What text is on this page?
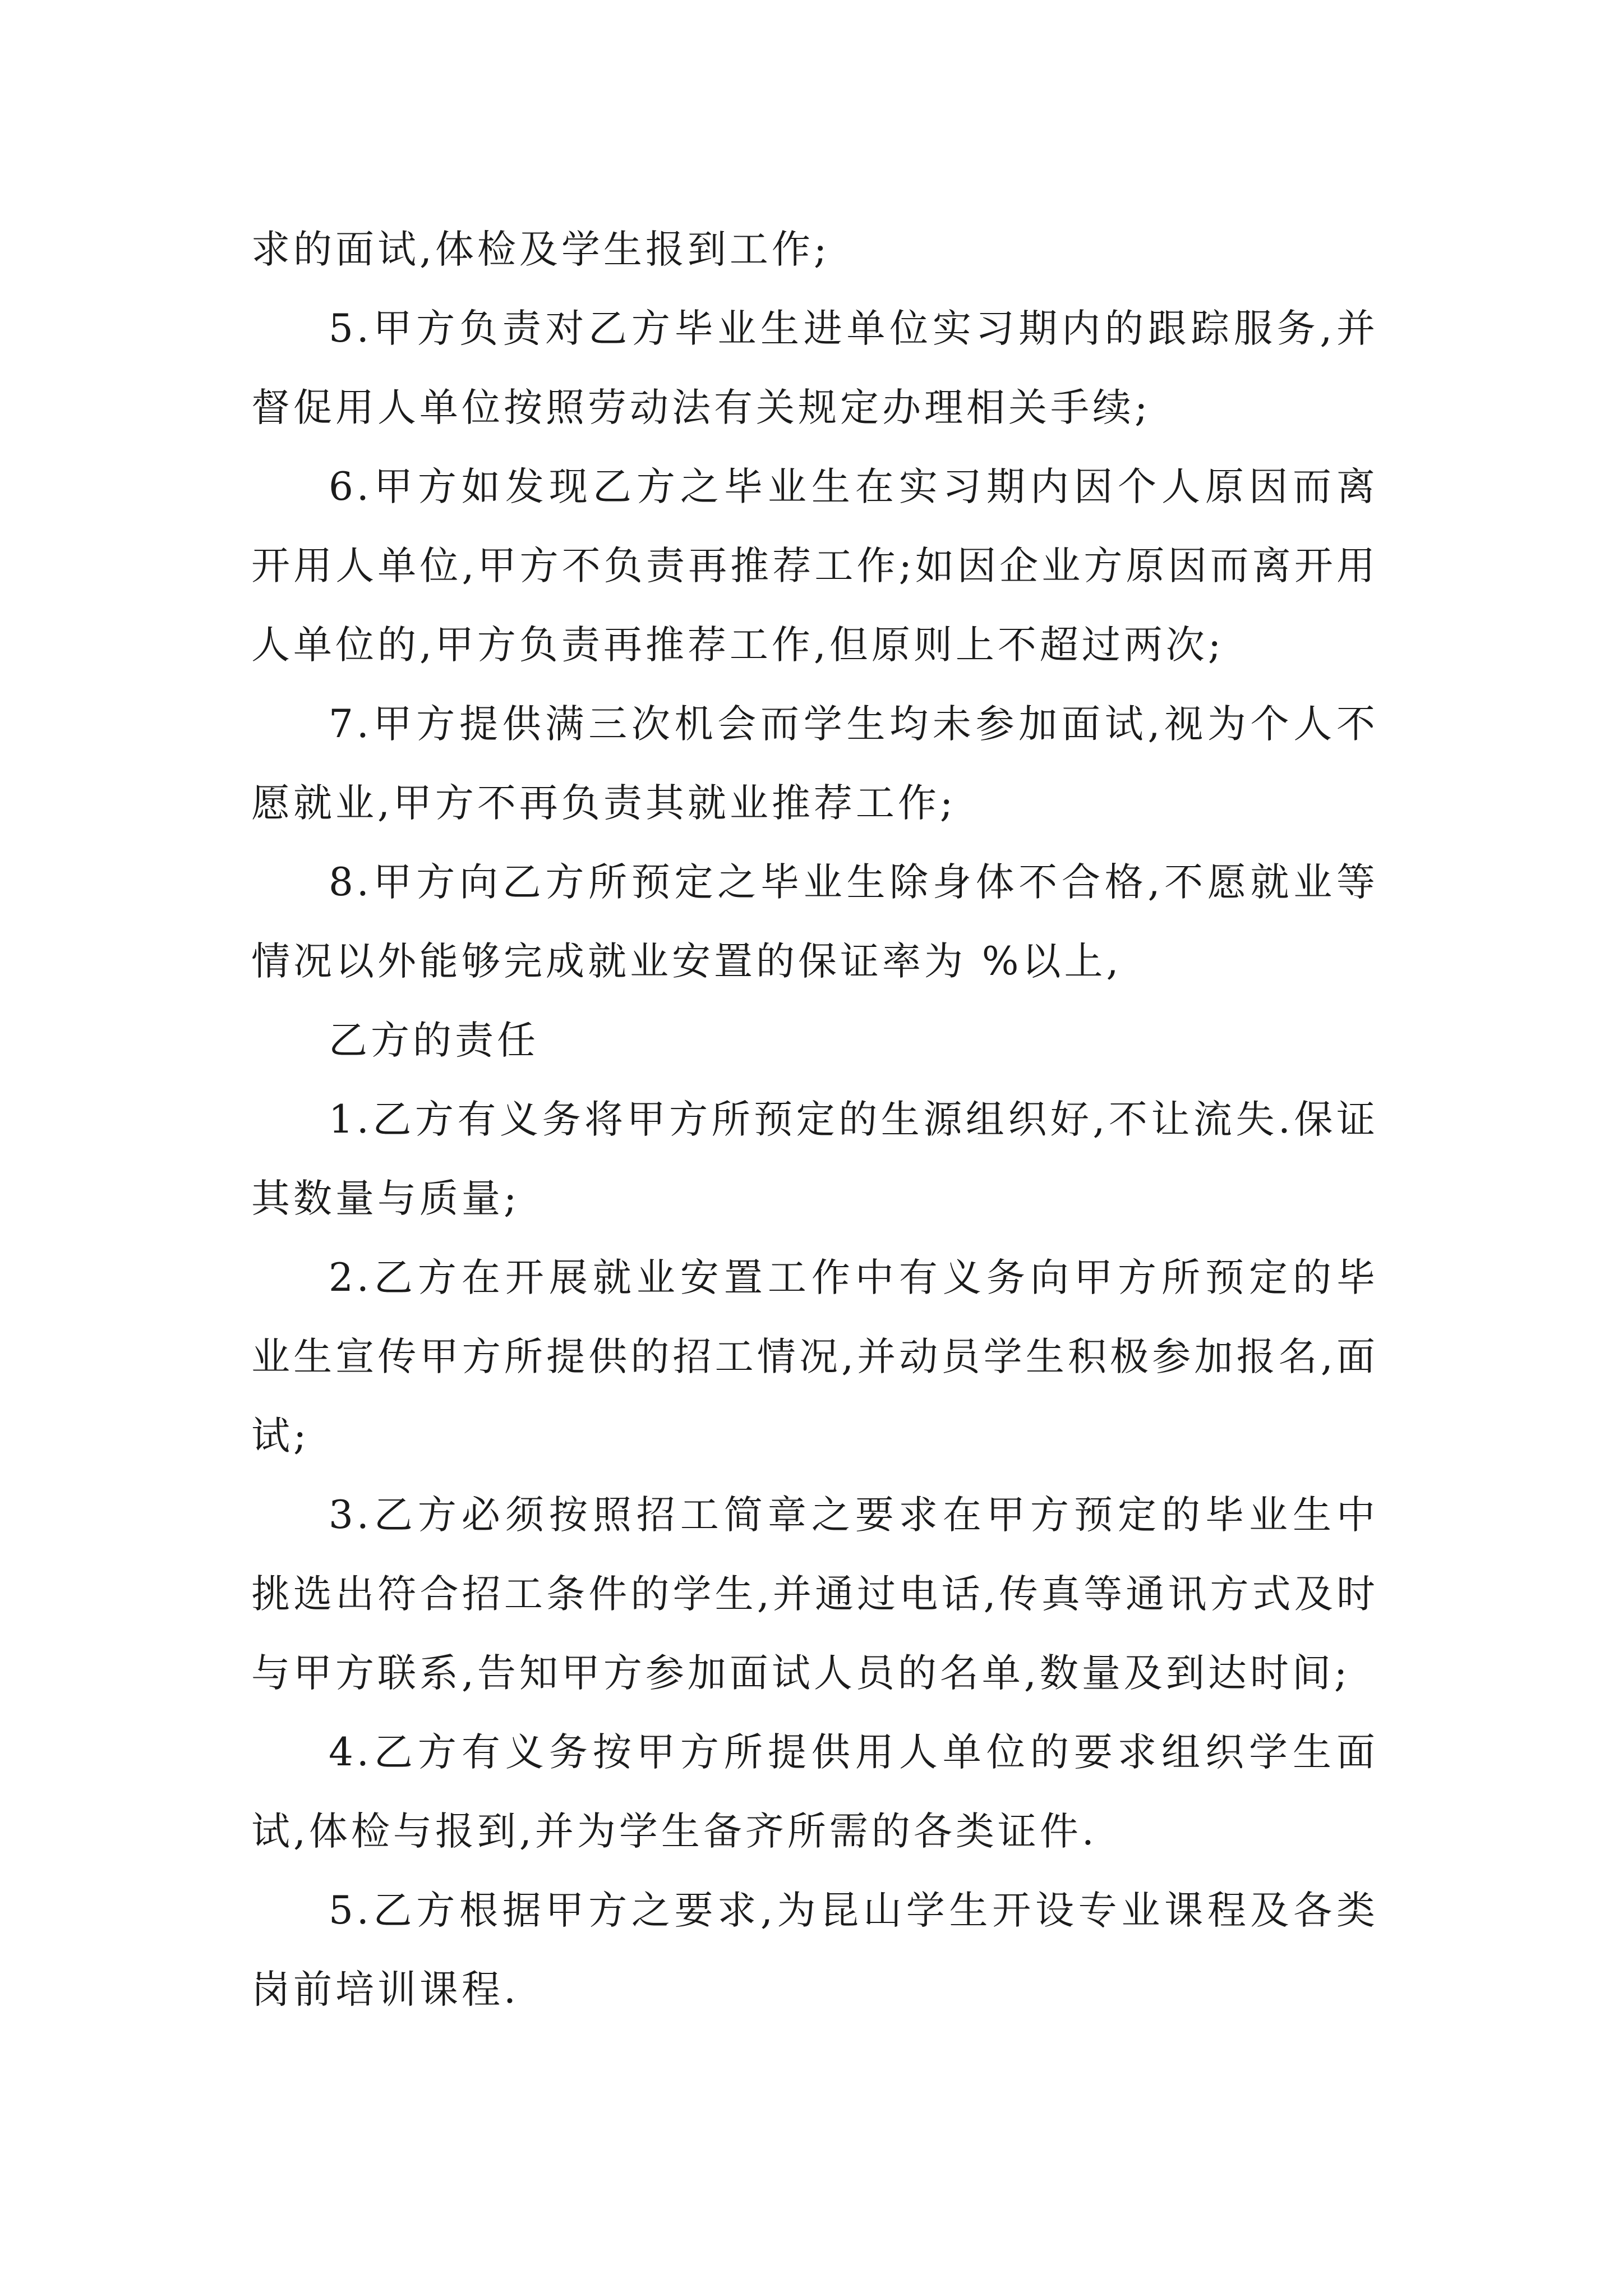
求的面试,体检及学生报到工作;

5.甲方负责对乙方毕业生进单位实习期内的跟踪服务,并督促用人单位按照劳动法有关规定办理相关手续;

6.甲方如发现乙方之毕业生在实习期内因个人原因而离开用人单位,甲方不负责再推荐工作;如因企业方原因而离开用人单位的,甲方负责再推荐工作,但原则上不超过两次;

7.甲方提供满三次机会而学生均未参加面试,视为个人不愿就业,甲方不再负责其就业推荐工作;

8.甲方向乙方所预定之毕业生除身体不合格,不愿就业等情况以外能够完成就业安置的保证率为 %以上,

乙方的责任

1.乙方有义务将甲方所预定的生源组织好,不让流失.保证其数量与质量;

2.乙方在开展就业安置工作中有义务向甲方所预定的毕业生宣传甲方所提供的招工情况,并动员学生积极参加报名,面试;

3.乙方必须按照招工简章之要求在甲方预定的毕业生中挑选出符合招工条件的学生,并通过电话,传真等通讯方式及时与甲方联系,告知甲方参加面试人员的名单,数量及到达时间;

4.乙方有义务按甲方所提供用人单位的要求组织学生面试,体检与报到,并为学生备齐所需的各类证件.

5.乙方根据甲方之要求,为昆山学生开设专业课程及各类岗前培训课程.
